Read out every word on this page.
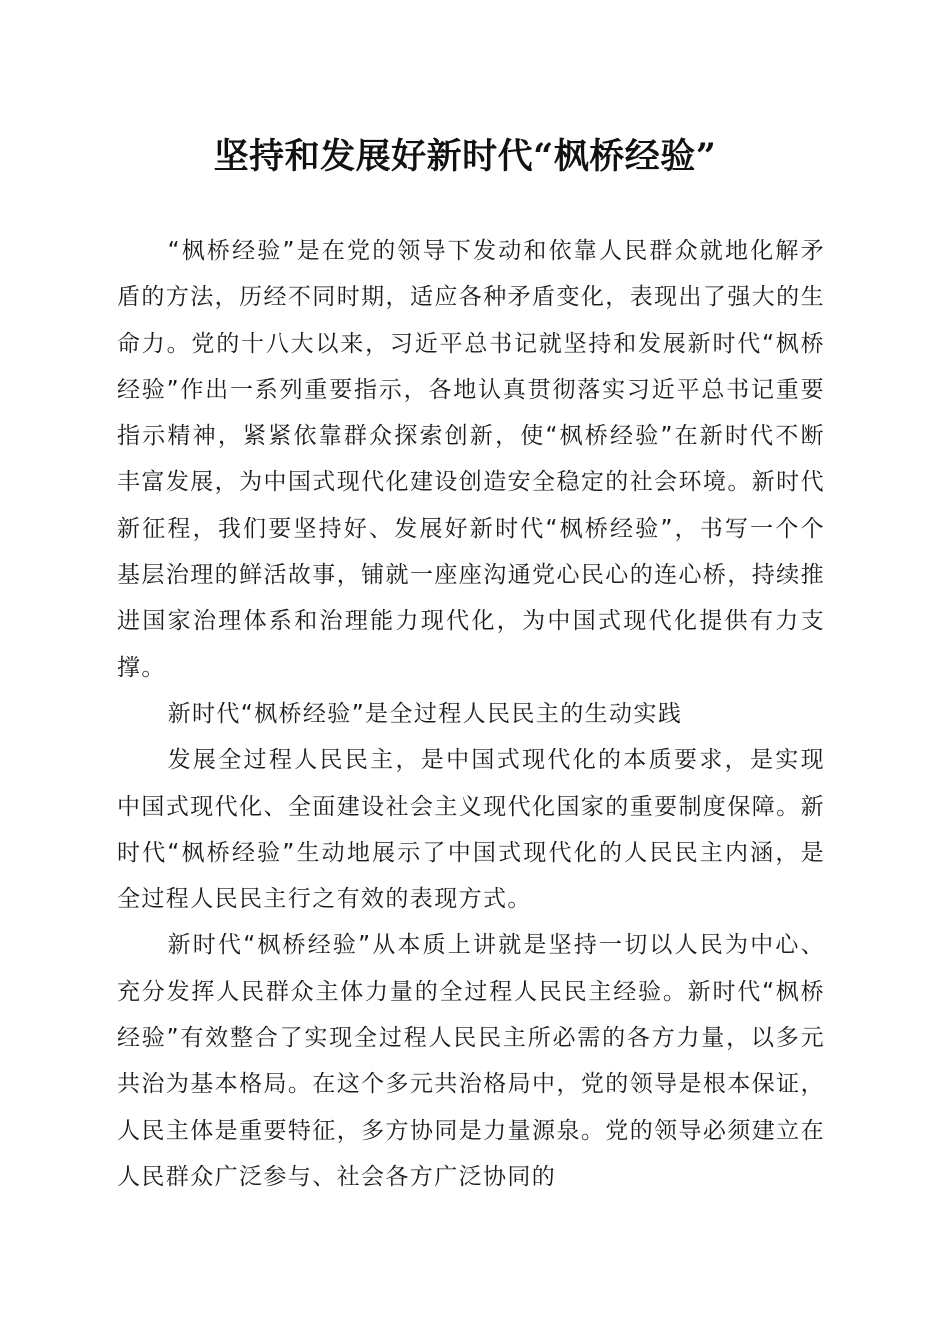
坚持和发展好新时代“枫桥经验”

“枫桥经验”是在党的领导下发动和依靠人民群众就地化解矛盾的方法，历经不同时期，适应各种矛盾变化，表现出了强大的生命力。党的十八大以来，习近平总书记就坚持和发展新时代“枫桥经验”作出一系列重要指示，各地认真贯彻落实习近平总书记重要指示精神，紧紧依靠群众探索创新，使“枫桥经验”在新时代不断丰富发展，为中国式现代化建设创造安全稳定的社会环境。新时代新征程，我们要坚持好、发展好新时代“枫桥经验”，书写一个个基层治理的鲜活故事，铺就一座座沟通党心民心的连心桥，持续推进国家治理体系和治理能力现代化，为中国式现代化提供有力支撑。

新时代“枫桥经验”是全过程人民民主的生动实践

发展全过程人民民主，是中国式现代化的本质要求，是实现中国式现代化、全面建设社会主义现代化国家的重要制度保障。新时代“枫桥经验”生动地展示了中国式现代化的人民民主内涵，是全过程人民民主行之有效的表现方式。

新时代“枫桥经验”从本质上讲就是坚持一切以人民为中心、充分发挥人民群众主体力量的全过程人民民主经验。新时代“枫桥经验”有效整合了实现全过程人民民主所必需的各方力量，以多元共治为基本格局。在这个多元共治格局中，党的领导是根本保证，人民主体是重要特征，多方协同是力量源泉。党的领导必须建立在人民群众广泛参与、社会各方广泛协同的
